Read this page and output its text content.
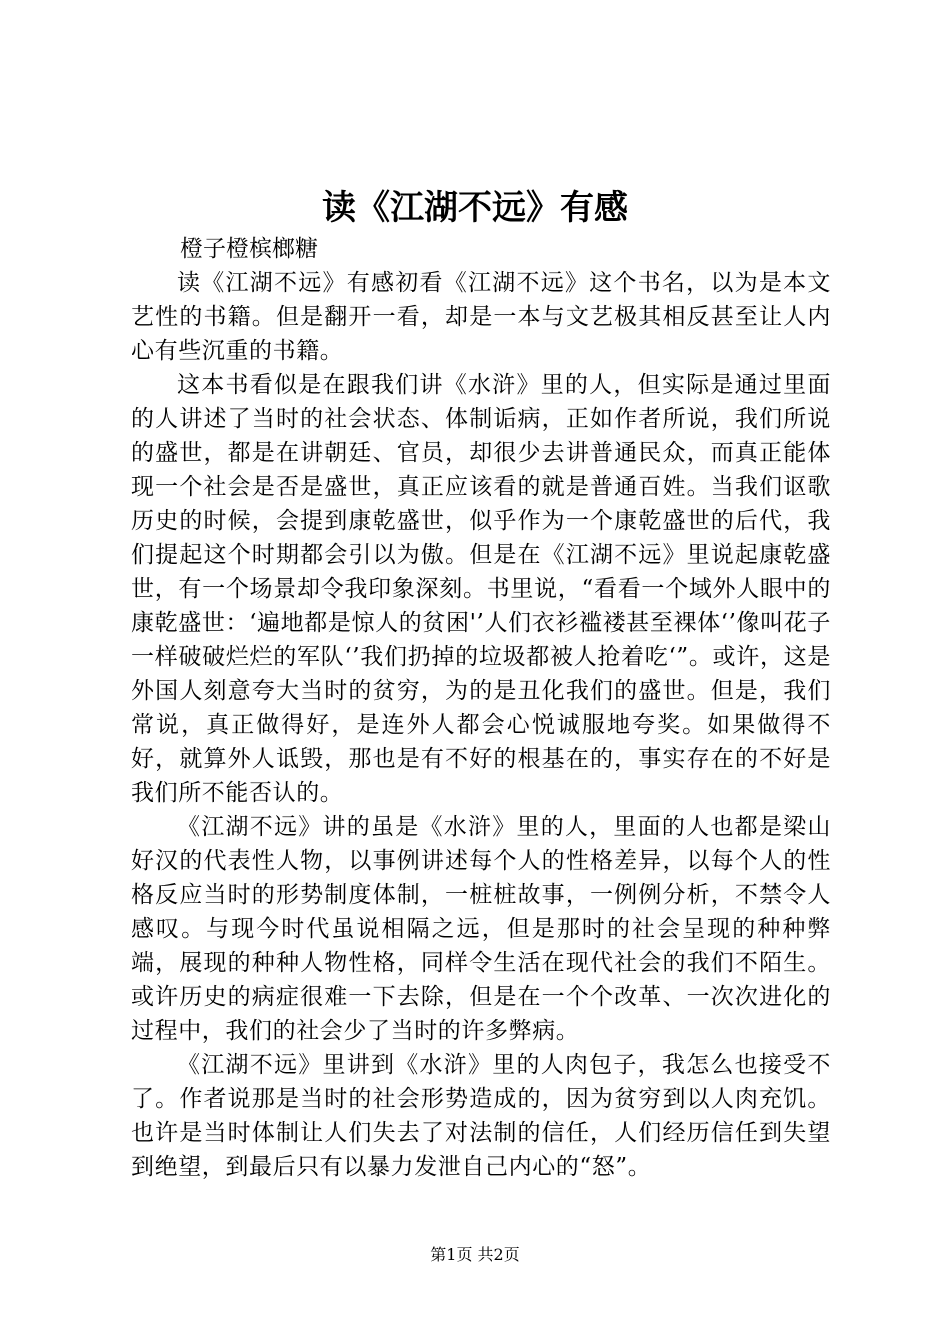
读《江湖不远》有感
橙子橙槟榔糖

读《江湖不远》有感初看《江湖不远》这个书名，以为是本文艺性的书籍。但是翻开一看，却是一本与文艺极其相反甚至让人内心有些沉重的书籍。

这本书看似是在跟我们讲《水浒》里的人，但实际是通过里面的人讲述了当时的社会状态、体制诟病，正如作者所说，我们所说的盛世，都是在讲朝廷、官员，却很少去讲普通民众，而真正能体现一个社会是否是盛世，真正应该看的就是普通百姓。当我们讴歌历史的时候，会提到康乾盛世，似乎作为一个康乾盛世的后代，我们提起这个时期都会引以为傲。但是在《江湖不远》里说起康乾盛世，有一个场景却令我印象深刻。书里说，“看看一个域外人眼中的康乾盛世：‘遍地都是惊人的贫困'’人们衣衫褴褛甚至裸体‘’像叫花子一样破破烂烂的军队‘’我们扔掉的垃圾都被人抢着吃‘”。或许，这是外国人刻意夸大当时的贫穷，为的是丑化我们的盛世。但是，我们常说，真正做得好，是连外人都会心悦诚服地夸奖。如果做得不好，就算外人诋毁，那也是有不好的根基在的，事实存在的不好是我们所不能否认的。

《江湖不远》讲的虽是《水浒》里的人，里面的人也都是梁山好汉的代表性人物，以事例讲述每个人的性格差异，以每个人的性格反应当时的形势制度体制，一桩桩故事，一例例分析，不禁令人感叹。与现今时代虽说相隔之远，但是那时的社会呈现的种种弊端，展现的种种人物性格，同样令生活在现代社会的我们不陌生。或许历史的病症很难一下去除，但是在一个个改革、一次次进化的过程中，我们的社会少了当时的许多弊病。

《江湖不远》里讲到《水浒》里的人肉包子，我怎么也接受不了。作者说那是当时的社会形势造成的，因为贫穷到以人肉充饥。也许是当时体制让人们失去了对法制的信任，人们经历信任到失望到绝望，到最后只有以暴力发泄自己内心的“怒”。

第1页 共2页
